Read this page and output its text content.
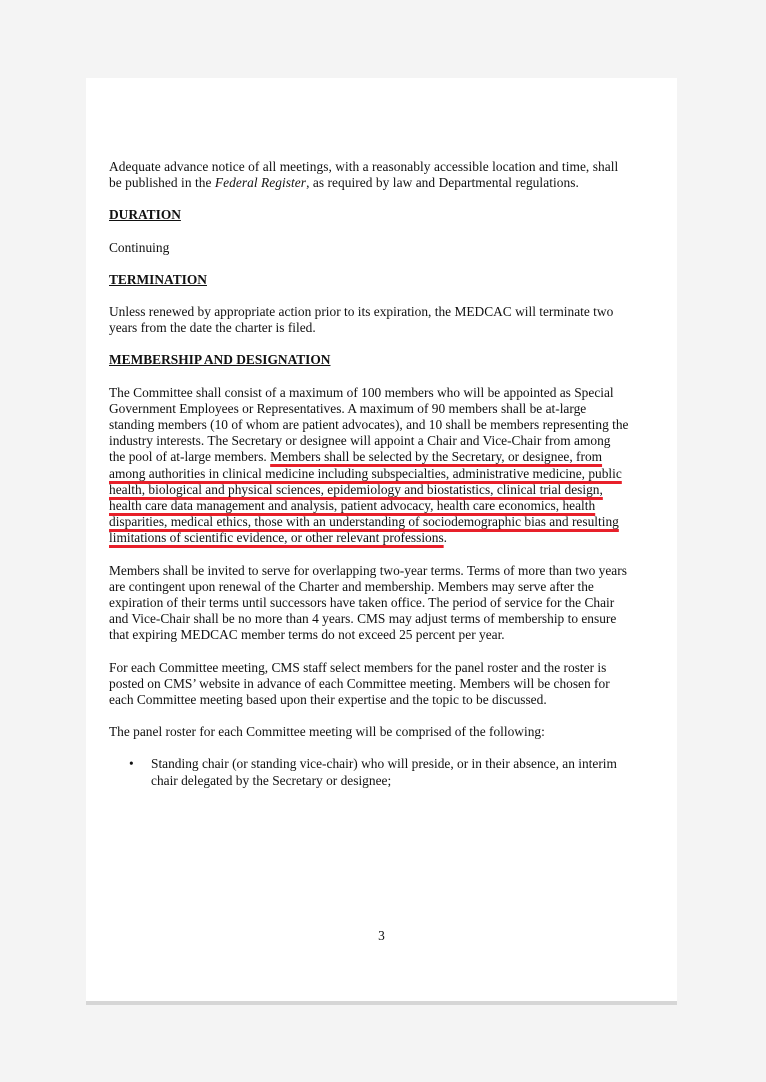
Adequate advance notice of all meetings, with a reasonably accessible location and time, shall be published in the Federal Register, as required by law and Departmental regulations.

DURATION

Continuing

TERMINATION

Unless renewed by appropriate action prior to its expiration, the MEDCAC will terminate two years from the date the charter is filed.

MEMBERSHIP AND DESIGNATION

The Committee shall consist of a maximum of 100 members who will be appointed as Special Government Employees or Representatives. A maximum of 90 members shall be at-large standing members (10 of whom are patient advocates), and 10 shall be members representing the industry interests. The Secretary or designee will appoint a Chair and Vice-Chair from among the pool of at-large members. Members shall be selected by the Secretary, or designee, from among authorities in clinical medicine including subspecialties, administrative medicine, public health, biological and physical sciences, epidemiology and biostatistics, clinical trial design, health care data management and analysis, patient advocacy, health care economics, health disparities, medical ethics, those with an understanding of sociodemographic bias and resulting limitations of scientific evidence, or other relevant professions.

Members shall be invited to serve for overlapping two-year terms. Terms of more than two years are contingent upon renewal of the Charter and membership. Members may serve after the expiration of their terms until successors have taken office. The period of service for the Chair and Vice-Chair shall be no more than 4 years. CMS may adjust terms of membership to ensure that expiring MEDCAC member terms do not exceed 25 percent per year.

For each Committee meeting, CMS staff select members for the panel roster and the roster is posted on CMS’ website in advance of each Committee meeting. Members will be chosen for each Committee meeting based upon their expertise and the topic to be discussed.

The panel roster for each Committee meeting will be comprised of the following:

• Standing chair (or standing vice-chair) who will preside, or in their absence, an interim chair delegated by the Secretary or designee;
3
